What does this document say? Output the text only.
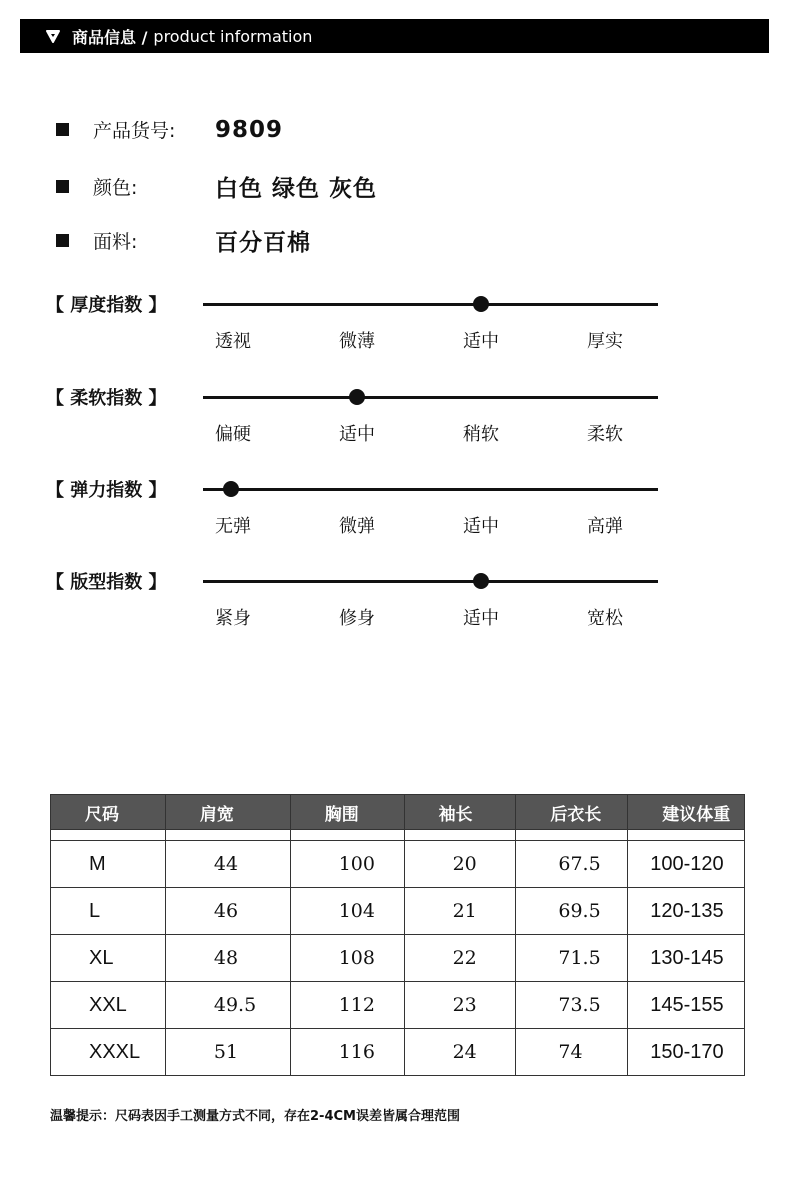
商品信息 / product information
产品货号:	9809
颜色:	白色 绿色 灰色
面料:	百分百棉
【 厚度指数 】
透视	微薄	适中	厚实
【 柔软指数 】
偏硬	适中	稍软	柔软
【 弹力指数 】
无弹	微弹	适中	高弹
【 版型指数 】
紧身	修身	适中	宽松
尺码	肩宽	胸围	袖长	后衣长	建议体重

M	44	100	20	67.5	100-120
L	46	104	21	69.5	120-135
XL	48	108	22	71.5	130-145
XXL	49.5	112	23	73.5	145-155
XXXL	51	116	24	74	150-170
温馨提示：尺码表因手工测量方式不同，存在2-4CM误差皆属合理范围
